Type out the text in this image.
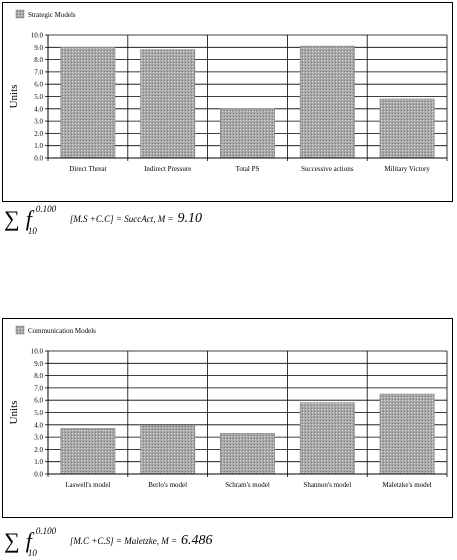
Strategic Models
0.0
1.0
2.0
3.0
4.0
5.0
6.0
7.0
8.0
9.0
10.0
Direct Threat	Indirect Pressure	Total PS	Successive actions	Military Victory
Units
∑ f 0.100
10
[M.S +C.C] = SuccAct, M = 9.10
Communication Models
0.0
1.0
2.0
3.0
4.0
5.0
6.0
7.0
8.0
9.0
10.0
Laswell's model	Berlo's model	Schram's model	Shannon's model	Maletzke's model
Units
∑ f 0.100
10
[M.C +C.S] = Maletzke, M = 6.486
